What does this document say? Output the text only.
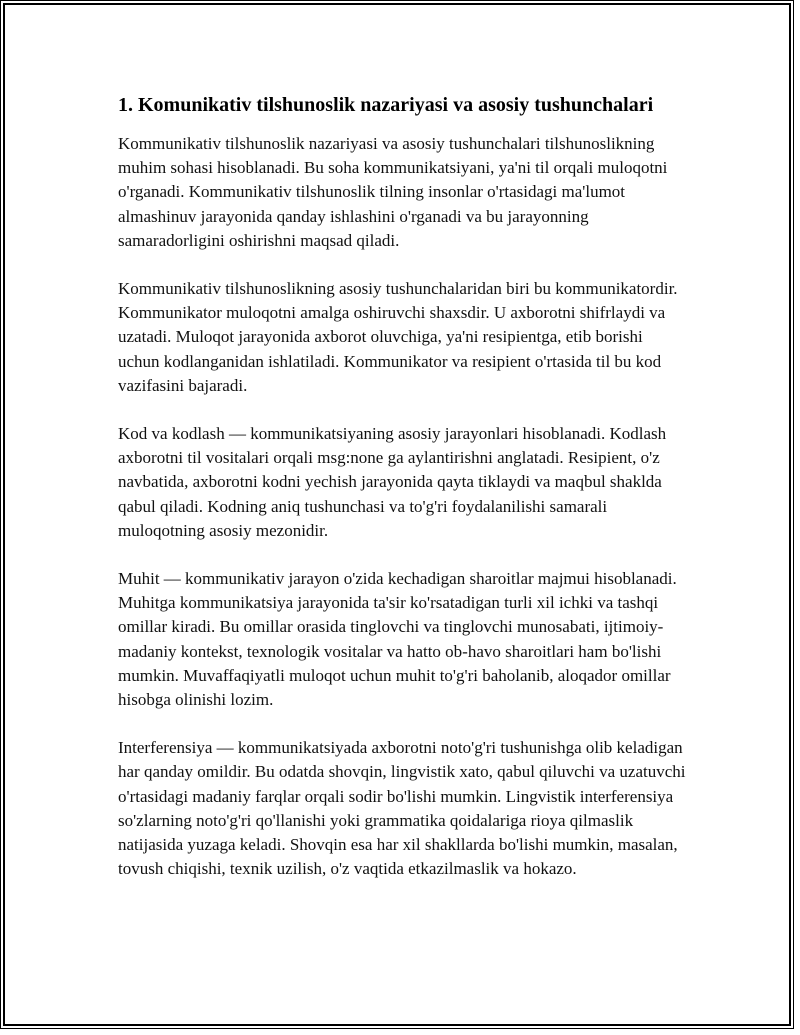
1. Komunikativ tilshunoslik nazariyasi va asosiy tushunchalari

Kommunikativ tilshunoslik nazariyasi va asosiy tushunchalari tilshunoslikning muhim sohasi hisoblanadi. Bu soha kommunikatsiyani, ya'ni til orqali muloqotni o'rganadi. Kommunikativ tilshunoslik tilning insonlar o'rtasidagi ma'lumot almashinuv jarayonida qanday ishlashini o'rganadi va bu jarayonning samaradorligini oshirishni maqsad qiladi.

Kommunikativ tilshunoslikning asosiy tushunchalaridan biri bu kommunikatordir. Kommunikator muloqotni amalga oshiruvchi shaxsdir. U axborotni shifrlaydi va uzatadi. Muloqot jarayonida axborot oluvchiga, ya'ni resipientga, etib borishi uchun kodlanganidan ishlatiladi. Kommunikator va resipient o'rtasida til bu kod vazifasini bajaradi.

Kod va kodlash — kommunikatsiyaning asosiy jarayonlari hisoblanadi. Kodlash axborotni til vositalari orqali msg:none ga aylantirishni anglatadi. Resipient, o'z navbatida, axborotni kodni yechish jarayonida qayta tiklaydi va maqbul shaklda qabul qiladi. Kodning aniq tushunchasi va to'g'ri foydalanilishi samarali muloqotning asosiy mezonidir.

Muhit — kommunikativ jarayon o'zida kechadigan sharoitlar majmui hisoblanadi. Muhitga kommunikatsiya jarayonida ta'sir ko'rsatadigan turli xil ichki va tashqi omillar kiradi. Bu omillar orasida tinglovchi va tinglovchi munosabati, ijtimoiy-madaniy kontekst, texnologik vositalar va hatto ob-havo sharoitlari ham bo'lishi mumkin. Muvaffaqiyatli muloqot uchun muhit to'g'ri baholanib, aloqador omillar hisobga olinishi lozim.

Interferensiya — kommunikatsiyada axborotni noto'g'ri tushunishga olib keladigan har qanday omildir. Bu odatda shovqin, lingvistik xato, qabul qiluvchi va uzatuvchi o'rtasidagi madaniy farqlar orqali sodir bo'lishi mumkin. Lingvistik interferensiya so'zlarning noto'g'ri qo'llanishi yoki grammatika qoidalariga rioya qilmaslik natijasida yuzaga keladi. Shovqin esa har xil shakllarda bo'lishi mumkin, masalan, tovush chiqishi, texnik uzilish, o'z vaqtida etkazilmaslik va hokazo.
